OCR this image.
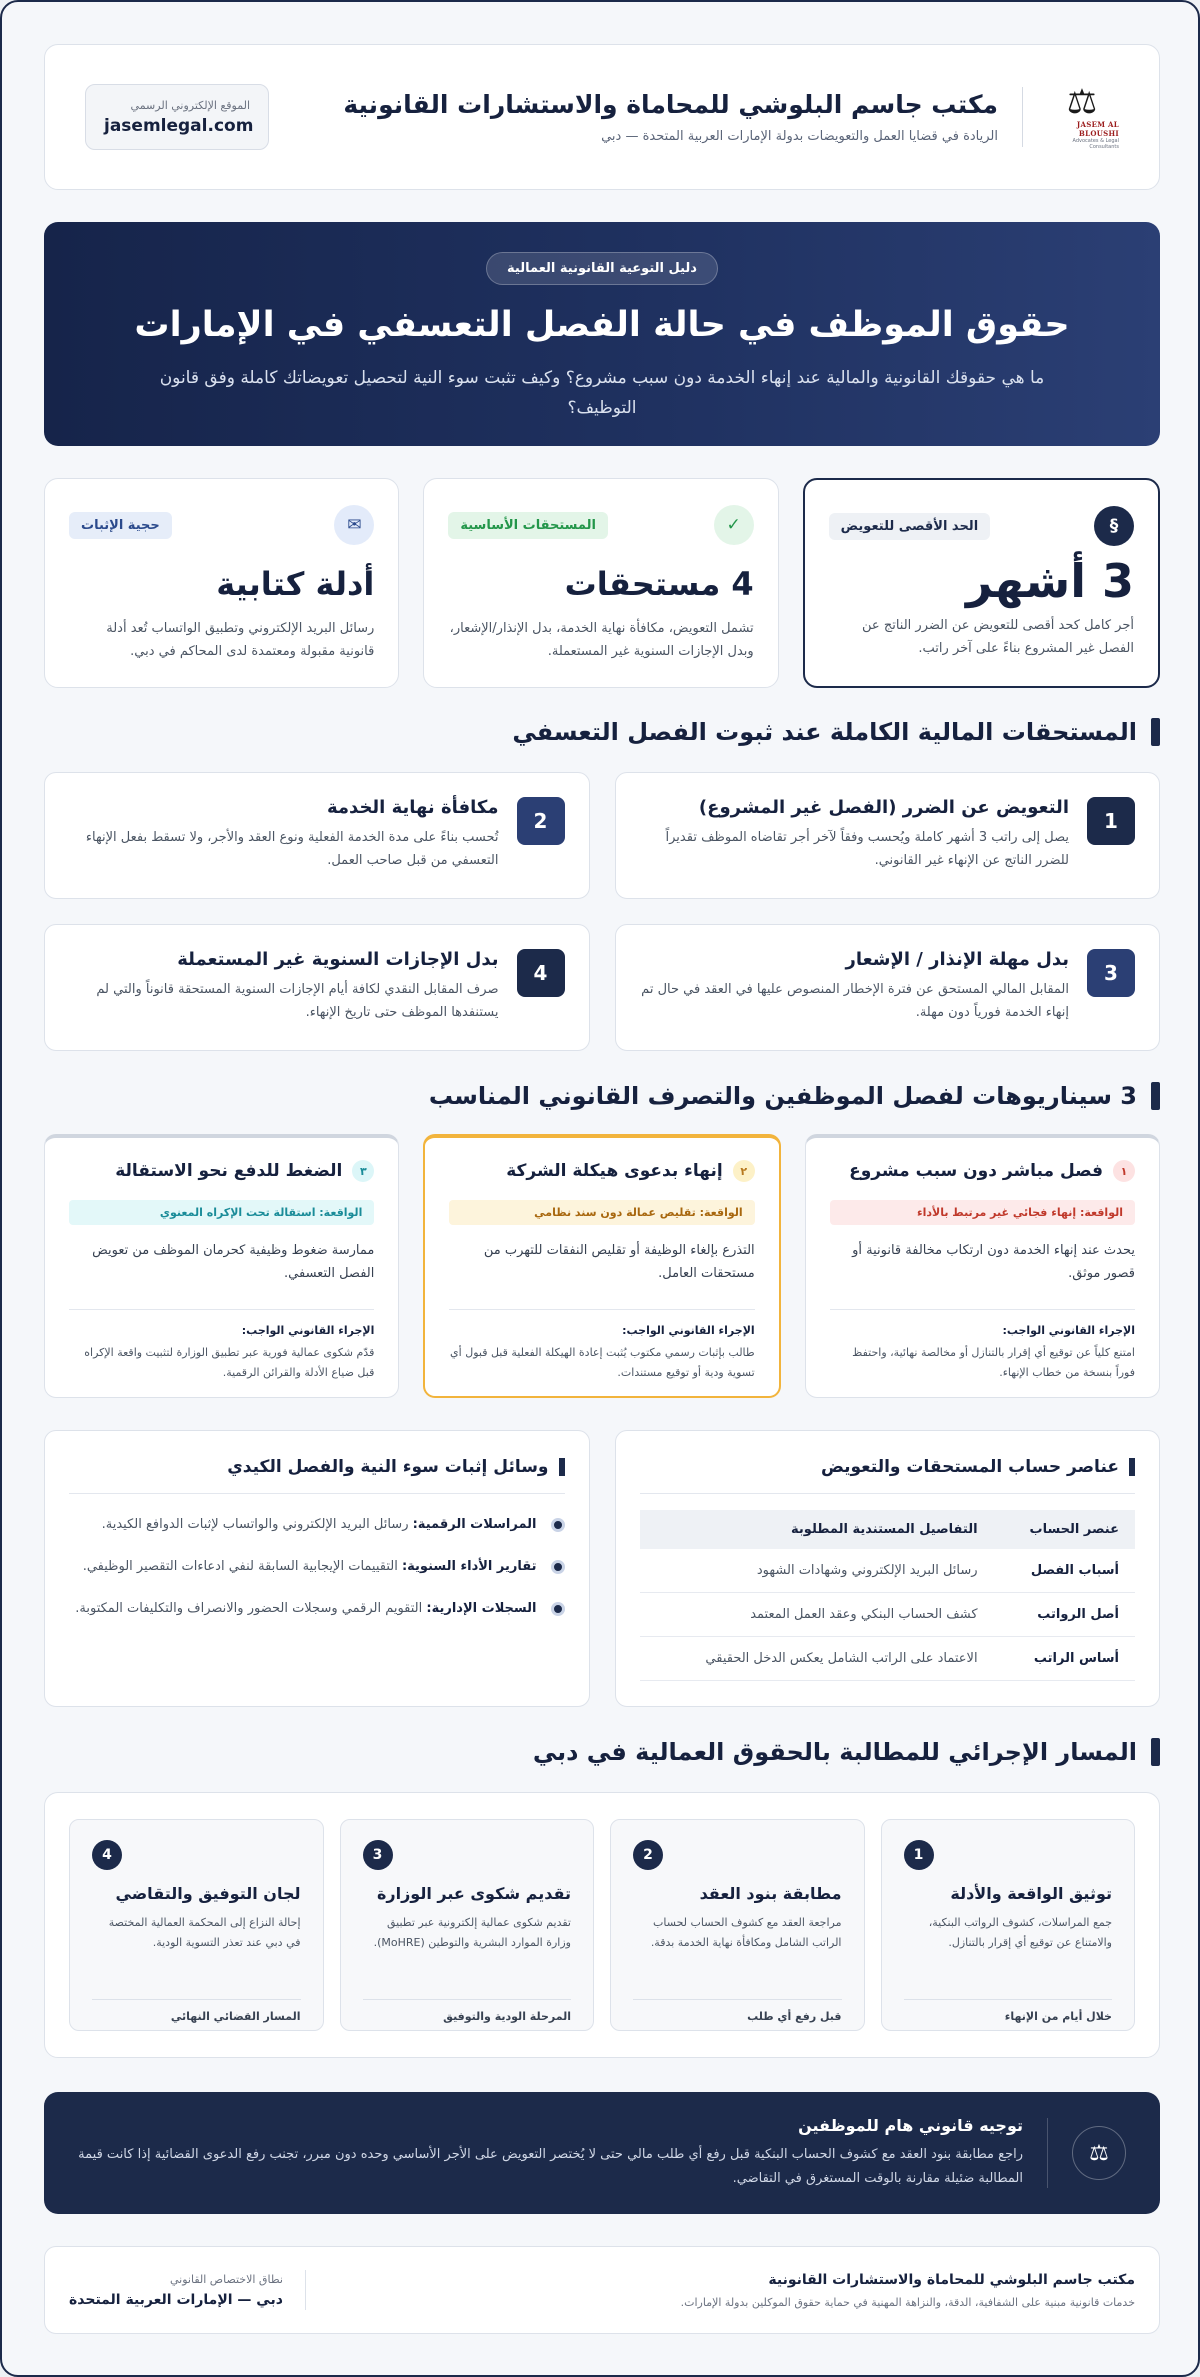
⚖
JASEM AL BLOUSHI
Advocates & Legal Consultants
مكتب جاسم البلوشي للمحاماة والاستشارات القانونية
الريادة في قضايا العمل والتعويضات بدولة الإمارات العربية المتحدة — دبي
الموقع الإلكتروني الرسمي
jasemlegal.com
دليل التوعية القانونية العمالية
حقوق الموظف في حالة الفصل التعسفي في الإمارات

ما هي حقوقك القانونية والمالية عند إنهاء الخدمة دون سبب مشروع؟ وكيف تثبت سوء النية لتحصيل تعويضاتك كاملة وفق قانون التوظيف؟

§
الحد الأقصى للتعويض
3 أشهر
أجر كامل كحد أقصى للتعويض عن الضرر الناتج عن الفصل غير المشروع بناءً على آخر راتب.
✓
المستحقات الأساسية
4 مستحقات
تشمل التعويض، مكافأة نهاية الخدمة، بدل الإنذار/الإشعار، وبدل الإجازات السنوية غير المستعملة.
✉
حجية الإثبات
أدلة كتابية
رسائل البريد الإلكتروني وتطبيق الواتساب تُعد أدلة قانونية مقبولة ومعتمدة لدى المحاكم في دبي.
المستحقات المالية الكاملة عند ثبوت الفصل التعسفي
1
التعويض عن الضرر (الفصل غير المشروع)
يصل إلى راتب 3 أشهر كاملة ويُحسب وفقاً لآخر أجر تقاضاه الموظف تقديراً للضرر الناتج عن الإنهاء غير القانوني.
2
مكافأة نهاية الخدمة
تُحسب بناءً على مدة الخدمة الفعلية ونوع العقد والأجر، ولا تسقط بفعل الإنهاء التعسفي من قبل صاحب العمل.
3
بدل مهلة الإنذار / الإشعار
المقابل المالي المستحق عن فترة الإخطار المنصوص عليها في العقد في حال تم إنهاء الخدمة فورياً دون مهلة.
4
بدل الإجازات السنوية غير المستعملة
صرف المقابل النقدي لكافة أيام الإجازات السنوية المستحقة قانوناً والتي لم يستنفدها الموظف حتى تاريخ الإنهاء.
3 سيناريوهات لفصل الموظفين والتصرف القانوني المناسب
١
فصل مباشر دون سبب مشروع
الواقعة: إنهاء فجائي غير مرتبط بالأداء
يحدث عند إنهاء الخدمة دون ارتكاب مخالفة قانونية أو قصور موثق.
الإجراء القانوني الواجب:
امتنع كلياً عن توقيع أي إقرار بالتنازل أو مخالصة نهائية، واحتفظ فوراً بنسخة من خطاب الإنهاء.
٢
إنهاء بدعوى هيكلة الشركة
الواقعة: تقليص عمالة دون سند نظامي
التذرع بإلغاء الوظيفة أو تقليص النفقات للتهرب من مستحقات العامل.
الإجراء القانوني الواجب:
طالب بإثبات رسمي مكتوب يُثبت إعادة الهيكلة الفعلية قبل قبول أي تسوية ودية أو توقيع مستندات.
٣
الضغط للدفع نحو الاستقالة
الواقعة: استقالة تحت الإكراه المعنوي
ممارسة ضغوط وظيفية كحرمان الموظف من تعويض الفصل التعسفي.
الإجراء القانوني الواجب:
قدّم شكوى عمالية فورية عبر تطبيق الوزارة لتثبيت واقعة الإكراه قبل ضياع الأدلة والقرائن الرقمية.
عناصر حساب المستحقات والتعويض
عنصر الحساب	التفاصيل المستندية المطلوبة
أسباب الفصل	رسائل البريد الإلكتروني وشهادات الشهود
أصل الرواتب	كشف الحساب البنكي وعقد العمل المعتمد
أساس الراتب	الاعتماد على الراتب الشامل يعكس الدخل الحقيقي
وسائل إثبات سوء النية والفصل الكيدي
المراسلات الرقمية: رسائل البريد الإلكتروني والواتساب لإثبات الدوافع الكيدية.
تقارير الأداء السنوية: التقييمات الإيجابية السابقة لنفي ادعاءات التقصير الوظيفي.
السجلات الإدارية: التقويم الرقمي وسجلات الحضور والانصراف والتكليفات المكتوبة.
المسار الإجرائي للمطالبة بالحقوق العمالية في دبي
1
توثيق الواقعة والأدلة
جمع المراسلات، كشوف الرواتب البنكية، والامتناع عن توقيع أي إقرار بالتنازل.
خلال أيام من الإنهاء
2
مطابقة بنود العقد
مراجعة العقد مع كشوف الحساب لحساب الراتب الشامل ومكافأة نهاية الخدمة بدقة.
قبل رفع أي طلب
3
تقديم شكوى عبر الوزارة
تقديم شكوى عمالية إلكترونية عبر تطبيق وزارة الموارد البشرية والتوطين (MoHRE).
المرحلة الودية والتوفيق
4
لجان التوفيق والتقاضي
إحالة النزاع إلى المحكمة العمالية المختصة في دبي عند تعذر التسوية الودية.
المسار القضائي النهائي
⚖
توجيه قانوني هام للموظفين
راجع مطابقة بنود العقد مع كشوف الحساب البنكية قبل رفع أي طلب مالي حتى لا يُختصر التعويض على الأجر الأساسي وحده دون مبرر، تجنب رفع الدعوى القضائية إذا كانت قيمة المطالبة ضئيلة مقارنة بالوقت المستغرق في التقاضي.
مكتب جاسم البلوشي للمحاماة والاستشارات القانونية
خدمات قانونية مبنية على الشفافية، الدقة، والنزاهة المهنية في حماية حقوق الموكلين بدولة الإمارات.
نطاق الاختصاص القانوني
دبي — الإمارات العربية المتحدة
